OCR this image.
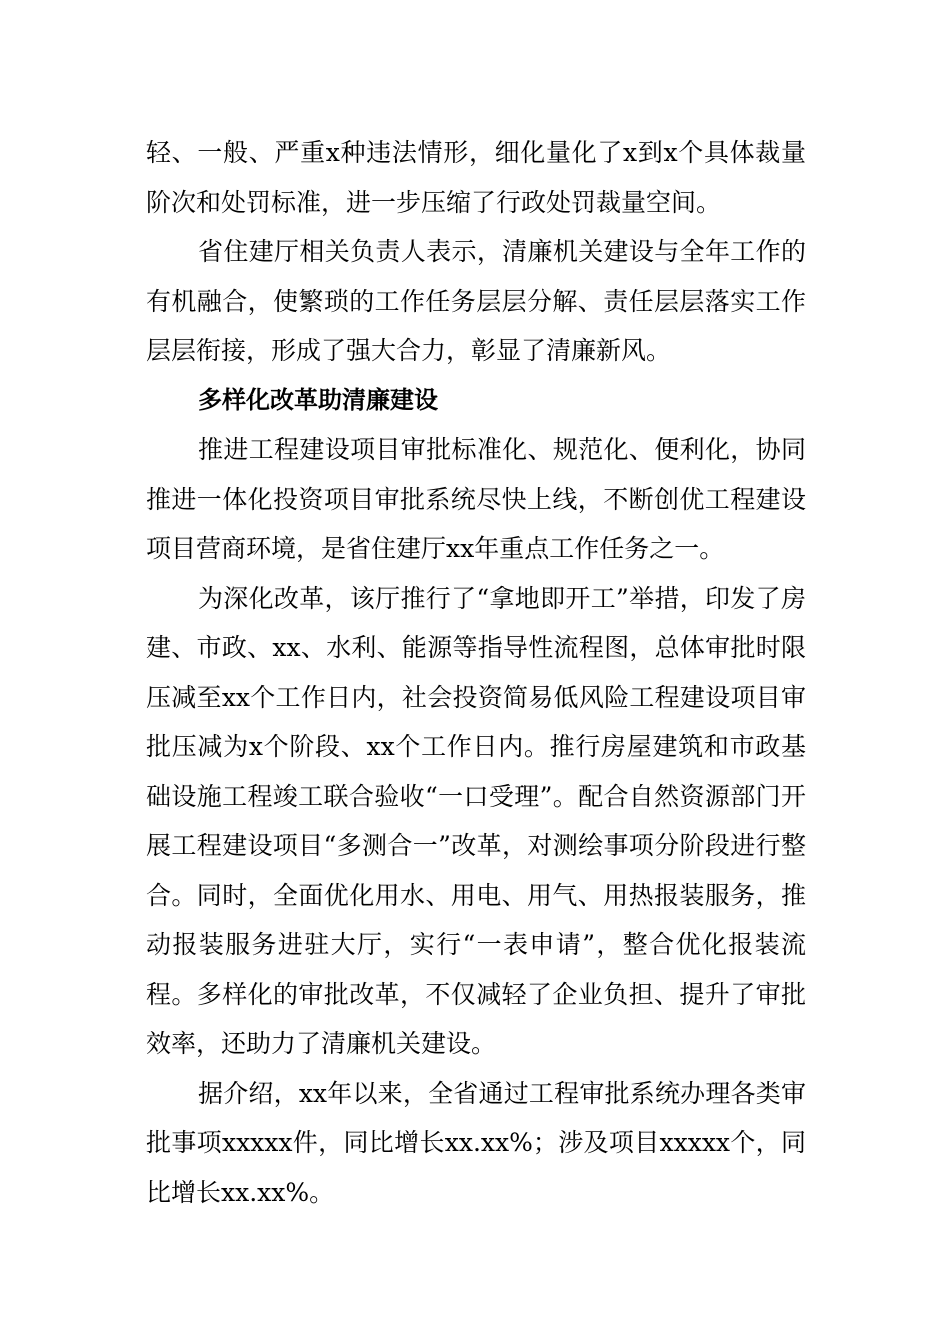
轻、一般、严重x种违法情形，细化量化了x到x个具体裁量阶次和处罚标准，进一步压缩了行政处罚裁量空间。

省住建厅相关负责人表示，清廉机关建设与全年工作的有机融合，使繁琐的工作任务层层分解、责任层层落实工作层层衔接，形成了强大合力，彰显了清廉新风。

多样化改革助清廉建设

推进工程建设项目审批标准化、规范化、便利化，协同推进一体化投资项目审批系统尽快上线，不断创优工程建设项目营商环境，是省住建厅xx年重点工作任务之一。

为深化改革，该厅推行了“拿地即开工”举措，印发了房建、市政、xx、水利、能源等指导性流程图，总体审批时限压减至xx个工作日内，社会投资简易低风险工程建设项目审批压减为x个阶段、xx个工作日内。推行房屋建筑和市政基础设施工程竣工联合验收“一口受理”。配合自然资源部门开展工程建设项目“多测合一”改革，对测绘事项分阶段进行整合。同时，全面优化用水、用电、用气、用热报装服务，推动报装服务进驻大厅，实行“一表申请”，整合优化报装流程。多样化的审批改革，不仅减轻了企业负担、提升了审批效率，还助力了清廉机关建设。

据介绍，xx年以来，全省通过工程审批系统办理各类审批事项xxxxx件，同比增长xx.xx%；涉及项目xxxxx个，同比增长xx.xx%。
